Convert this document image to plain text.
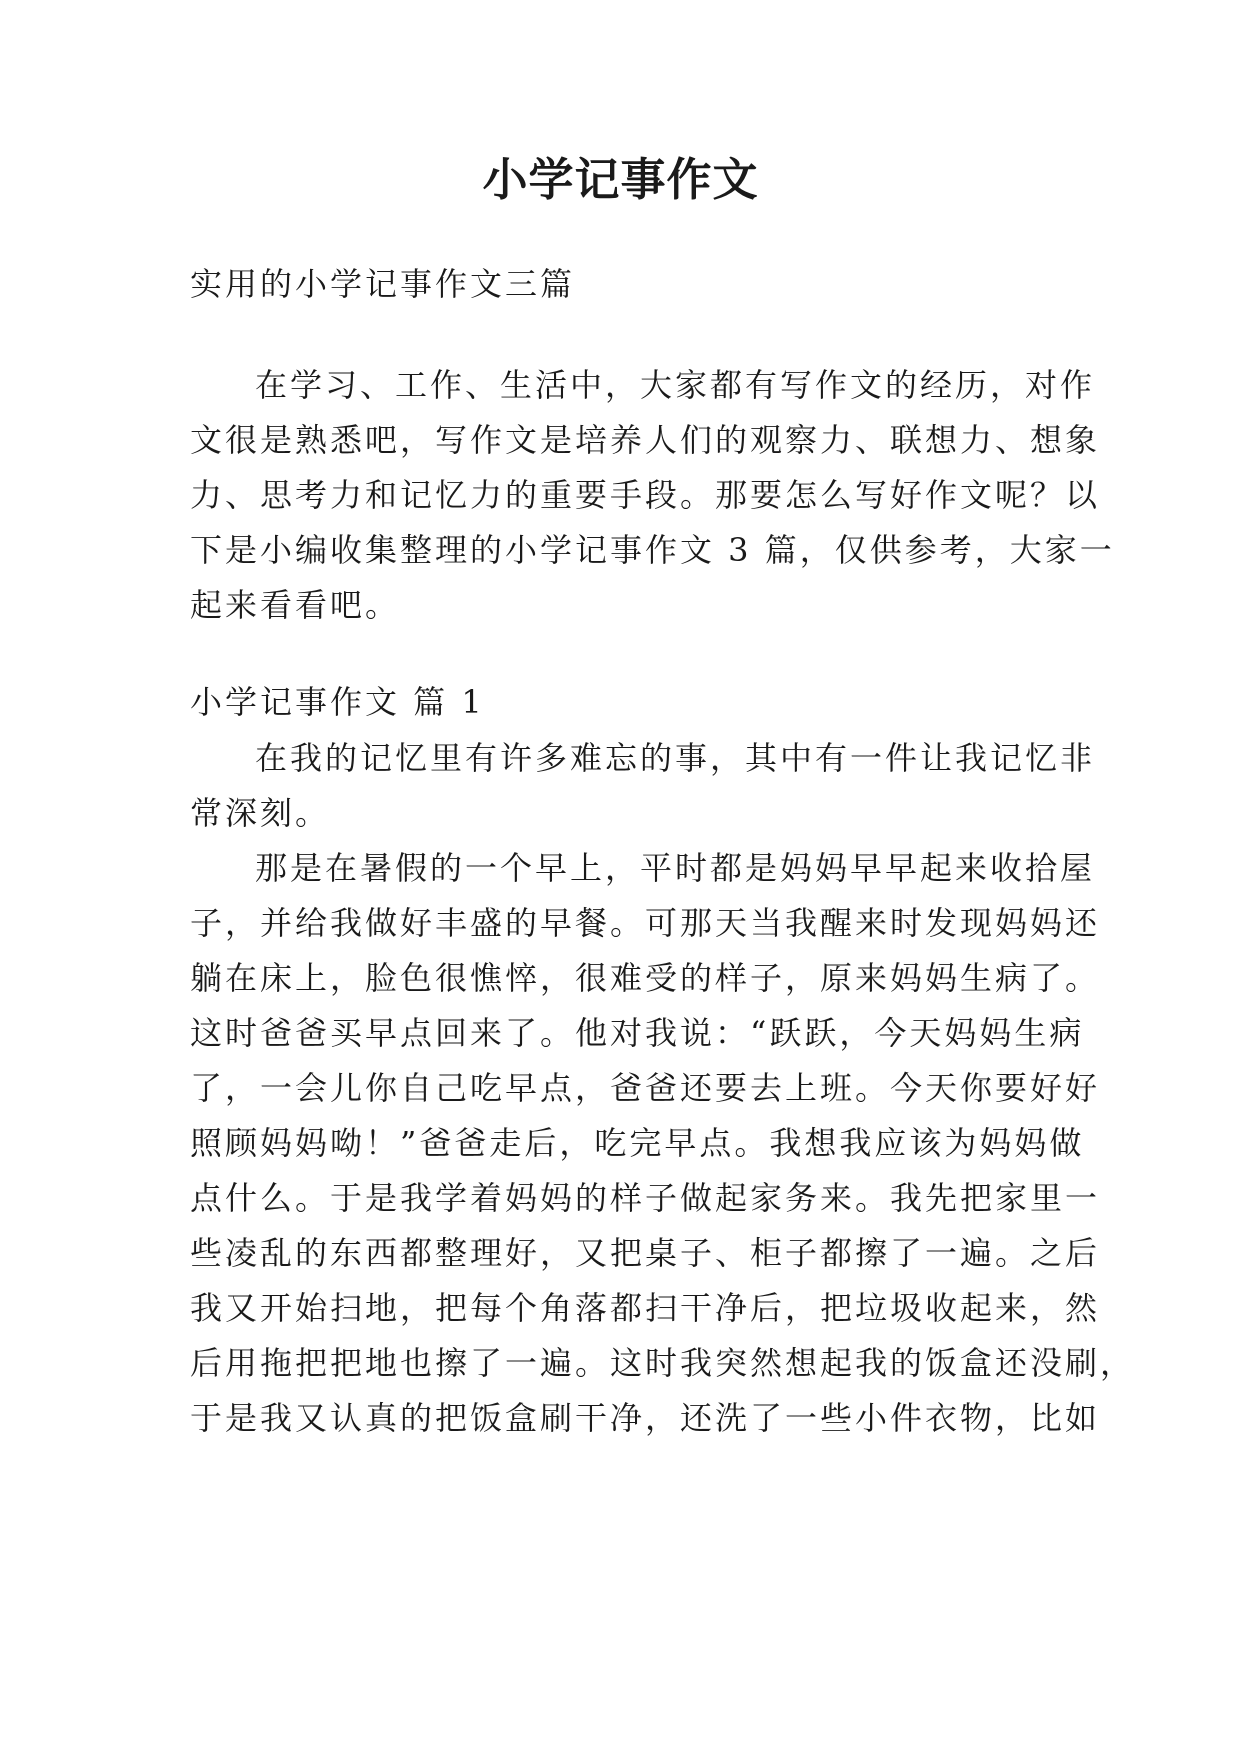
小学记事作文
实用的小学记事作文三篇
在学习、工作、生活中，大家都有写作文的经历，对作
文很是熟悉吧，写作文是培养人们的观察力、联想力、想象
力、思考力和记忆力的重要手段。那要怎么写好作文呢？以
下是小编收集整理的小学记事作文 3 篇，仅供参考，大家一
起来看看吧。
小学记事作文 篇 1
在我的记忆里有许多难忘的事，其中有一件让我记忆非
常深刻。
那是在暑假的一个早上，平时都是妈妈早早起来收拾屋
子，并给我做好丰盛的早餐。可那天当我醒来时发现妈妈还
躺在床上，脸色很憔悴，很难受的样子，原来妈妈生病了。
这时爸爸买早点回来了。他对我说：“跃跃，今天妈妈生病
了，一会儿你自己吃早点，爸爸还要去上班。今天你要好好
照顾妈妈呦！”爸爸走后，吃完早点。我想我应该为妈妈做
点什么。于是我学着妈妈的样子做起家务来。我先把家里一
些凌乱的东西都整理好，又把桌子、柜子都擦了一遍。之后
我又开始扫地，把每个角落都扫干净后，把垃圾收起来，然
后用拖把把地也擦了一遍。这时我突然想起我的饭盒还没刷，
于是我又认真的把饭盒刷干净，还洗了一些小件衣物，比如
